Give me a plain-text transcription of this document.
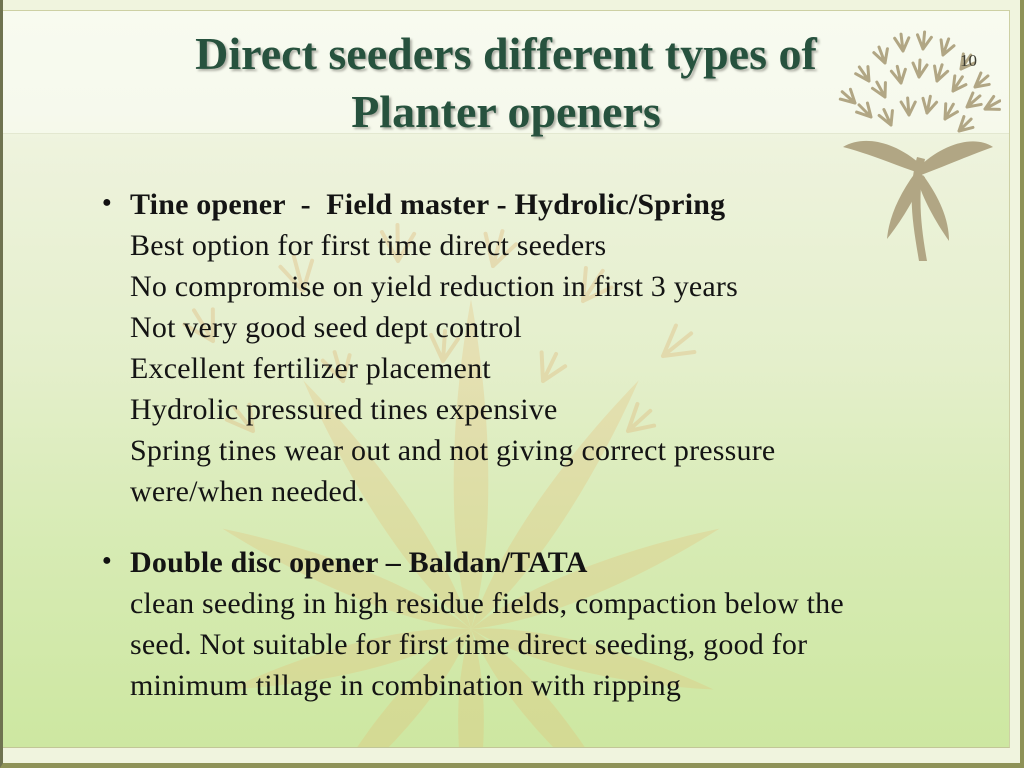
10
Direct seeders different types of
Planter openers
● Tine opener  -  Field master - Hydrolic/Spring
Best option for first time direct seeders
No compromise on yield reduction in first 3 years
Not very good seed dept control
Excellent fertilizer placement
Hydrolic pressured tines expensive
Spring tines wear out and not giving correct pressure
were/when needed.
● Double disc opener – Baldan/TATA
clean seeding in high residue fields, compaction below the
seed. Not suitable for first time direct seeding, good for
minimum tillage in combination with ripping
